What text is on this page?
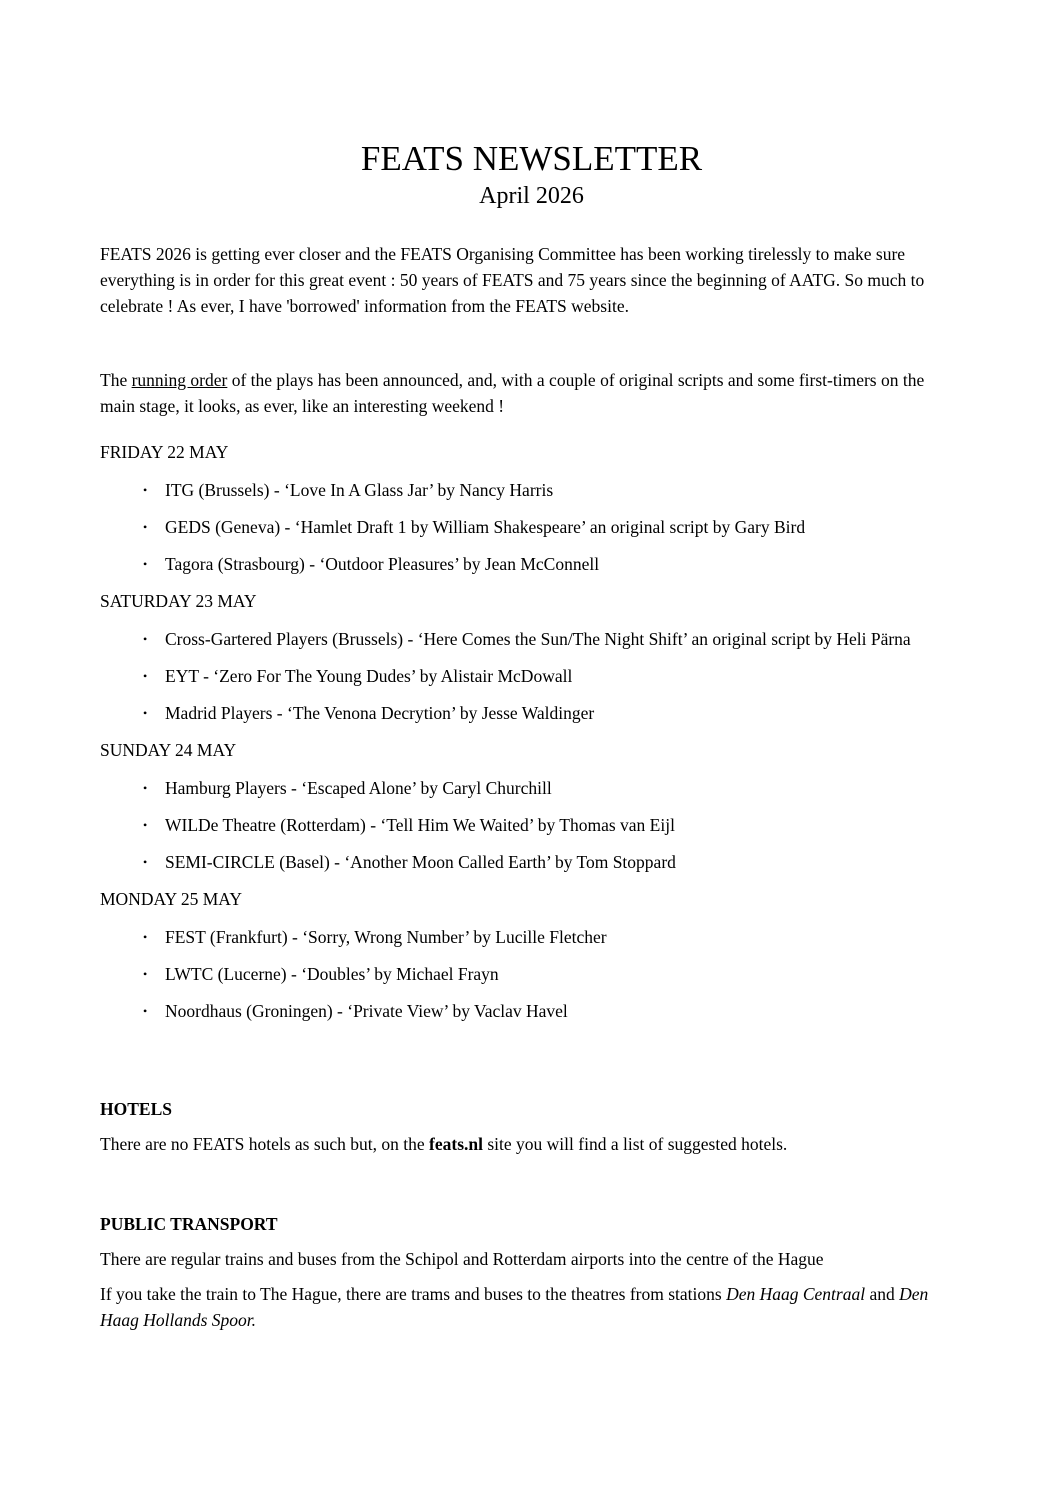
FEATS NEWSLETTER
April 2026

FEATS 2026 is getting ever closer and the FEATS Organising Committee has been working tirelessly to make sure everything is in order for this great event : 50 years of FEATS and 75 years since the beginning of AATG. So much to celebrate ! As ever, I have 'borrowed' information from the FEATS website.

The running order of the plays has been announced, and, with a couple of original scripts and some first-timers on the main stage, it looks, as ever, like an interesting weekend !

FRIDAY 22 MAY
• ITG (Brussels) - ‘Love In A Glass Jar’ by Nancy Harris
• GEDS (Geneva) - ‘Hamlet Draft 1 by William Shakespeare’ an original script by Gary Bird
• Tagora (Strasbourg) - ‘Outdoor Pleasures’ by Jean McConnell
SATURDAY 23 MAY
• Cross-Gartered Players (Brussels) - ‘Here Comes the Sun/The Night Shift’ an original script by Heli Pärna
• EYT - ‘Zero For The Young Dudes’ by Alistair McDowall
• Madrid Players - ‘The Venona Decrytion’ by Jesse Waldinger
SUNDAY 24 MAY
• Hamburg Players - ‘Escaped Alone’ by Caryl Churchill
• WILDe Theatre (Rotterdam) - ‘Tell Him We Waited’ by Thomas van Eijl
• SEMI-CIRCLE (Basel) - ‘Another Moon Called Earth’ by Tom Stoppard
MONDAY 25 MAY
• FEST (Frankfurt) - ‘Sorry, Wrong Number’ by Lucille Fletcher
• LWTC (Lucerne) - ‘Doubles’ by Michael Frayn
• Noordhaus (Groningen) - ‘Private View’ by Vaclav Havel
HOTELS

There are no FEATS hotels as such but, on the feats.nl site you will find a list of suggested hotels.

PUBLIC TRANSPORT

There are regular trains and buses from the Schipol and Rotterdam airports into the centre of the Hague

If you take the train to The Hague, there are trams and buses to the theatres from stations Den Haag Centraal and Den Haag Hollands Spoor.
